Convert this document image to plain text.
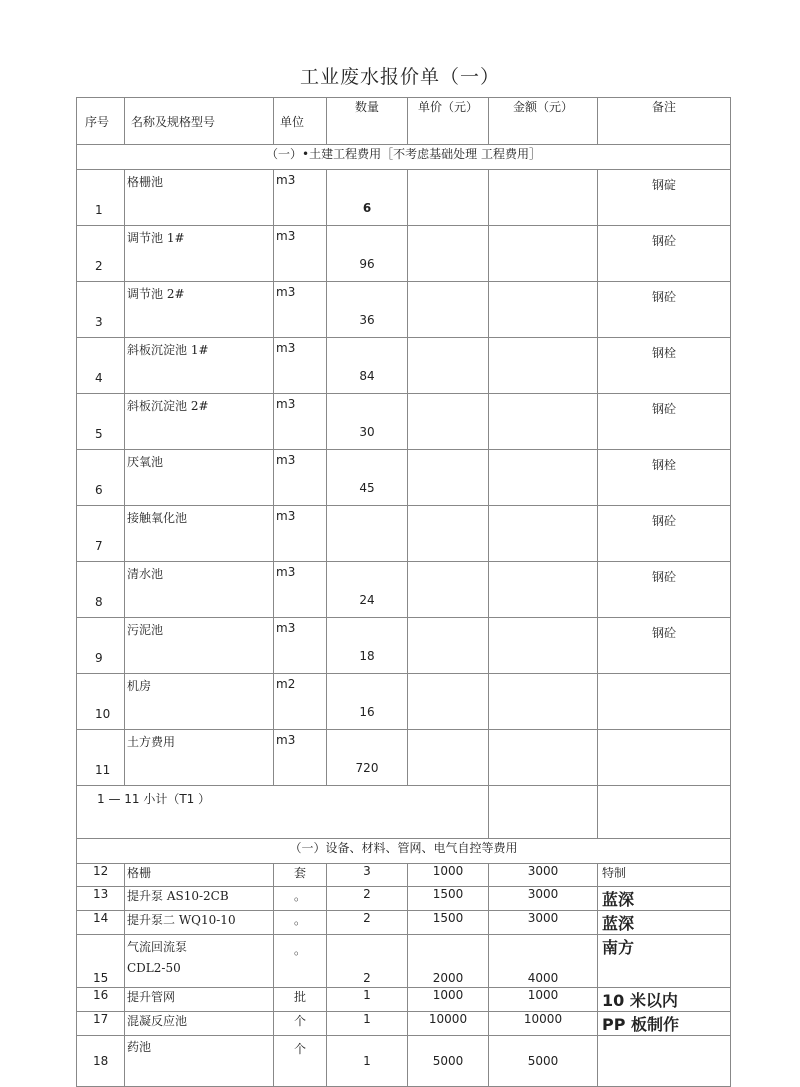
工业废水报价单（一）
序号	名称及规格型号	单位	数量	单价（元）	金额（元）	备注
（一）•土建工程费用［不考虑基础处理 工程费用］						
1	格栅池	m3	6			钢碇
2	调节池 1#	m3	96			钢砼
3	调节池 2#	m3	36			钢砼
4	斜板沉淀池 1#	m3	84			钢栓
5	斜板沉淀池 2#	m3	30			钢砼
6	厌氧池	m3	45			钢栓
7	接触氧化池	m3				钢砼
8	清水池	m3	24			钢砼
9	污泥池	m3	18			钢砼
10	机房	m2	16			
11	土方费用	m3	720			
1 — 11 小计（T1 ）						
（一）设备、材料、管网、电气自控等费用						
12	格栅	套	3	1000	3000	特制
13	提升泵 AS10-2CB	。	2	1500	3000	蓝深
14	提升泵二 WQ10-10	。	2	1500	3000	蓝深
15	气流回流泵
CDL2-50	。	2	2000	4000	南方
16	提升管网	批	1	1000	1000	10 米以内
17	混凝反应池	个	1	10000	10000	PP 板制作
18	药池	个	1	5000	5000	
